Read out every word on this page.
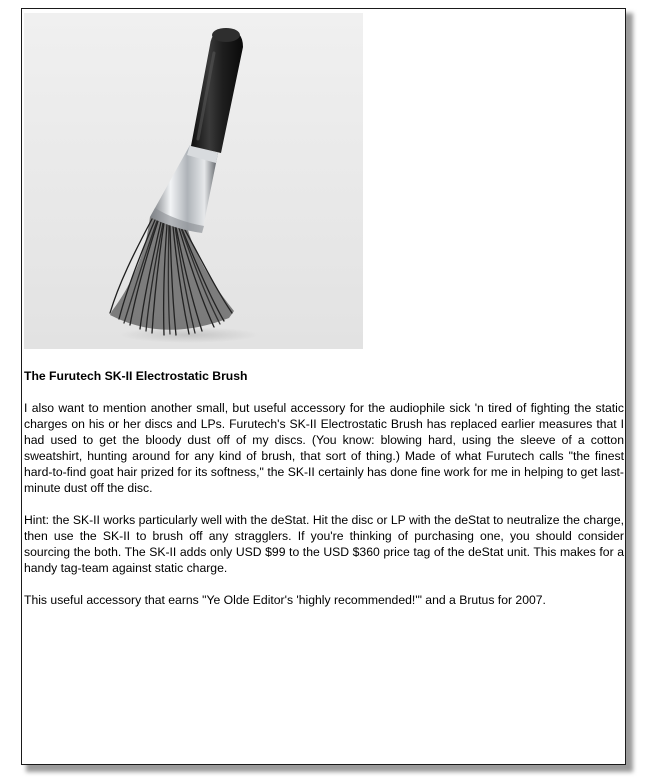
The Furutech SK-II Electrostatic Brush

I also want to mention another small, but useful accessory for the audiophile sick 'n tired of fighting the static charges on his or her discs and LPs. Furutech's SK-II Electrostatic Brush has replaced earlier measures that I had used to get the bloody dust off of my discs. (You know: blowing hard, using the sleeve of a cotton sweatshirt, hunting around for any kind of brush, that sort of thing.) Made of what Furutech calls "the finest hard-to-find goat hair prized for its softness," the SK-II certainly has done fine work for me in helping to get last-minute dust off the disc.

Hint: the SK-II works particularly well with the deStat. Hit the disc or LP with the deStat to neutralize the charge, then use the SK-II to brush off any stragglers. If you're thinking of purchasing one, you should consider sourcing the both. The SK-II adds only USD $99 to the USD $360 price tag of the deStat unit. This makes for a handy tag-team against static charge.

This useful accessory that earns "Ye Olde Editor's 'highly recommended!'" and a Brutus for 2007.
